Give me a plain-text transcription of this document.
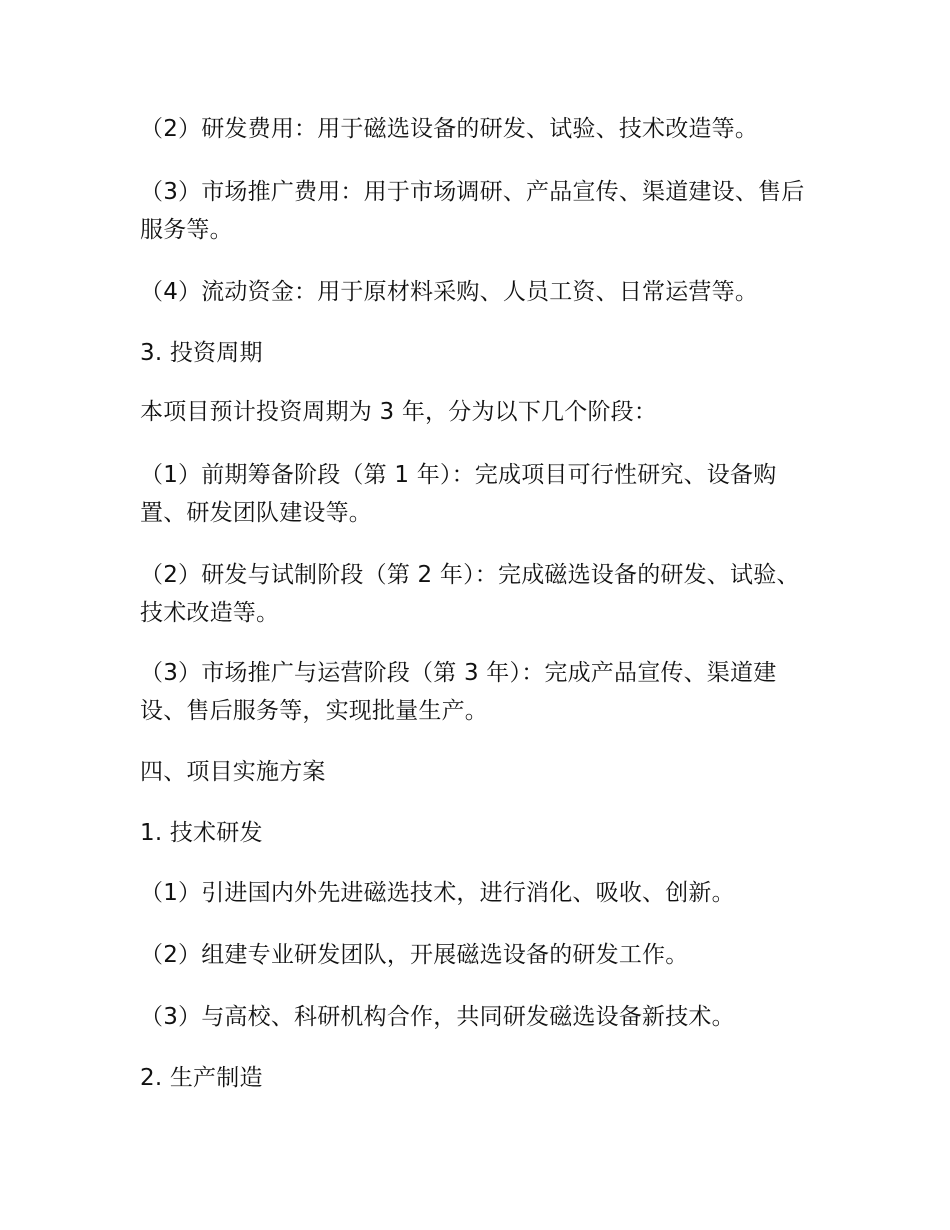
（2）研发费用：用于磁选设备的研发、试验、技术改造等。

（3）市场推广费用：用于市场调研、产品宣传、渠道建设、售后服务等。

（4）流动资金：用于原材料采购、人员工资、日常运营等。

3. 投资周期

本项目预计投资周期为 3 年，分为以下几个阶段：

（1）前期筹备阶段（第 1 年）：完成项目可行性研究、设备购置、研发团队建设等。

（2）研发与试制阶段（第 2 年）：完成磁选设备的研发、试验、技术改造等。

（3）市场推广与运营阶段（第 3 年）：完成产品宣传、渠道建设、售后服务等，实现批量生产。

四、项目实施方案

1. 技术研发

（1）引进国内外先进磁选技术，进行消化、吸收、创新。

（2）组建专业研发团队，开展磁选设备的研发工作。

（3）与高校、科研机构合作，共同研发磁选设备新技术。

2. 生产制造
